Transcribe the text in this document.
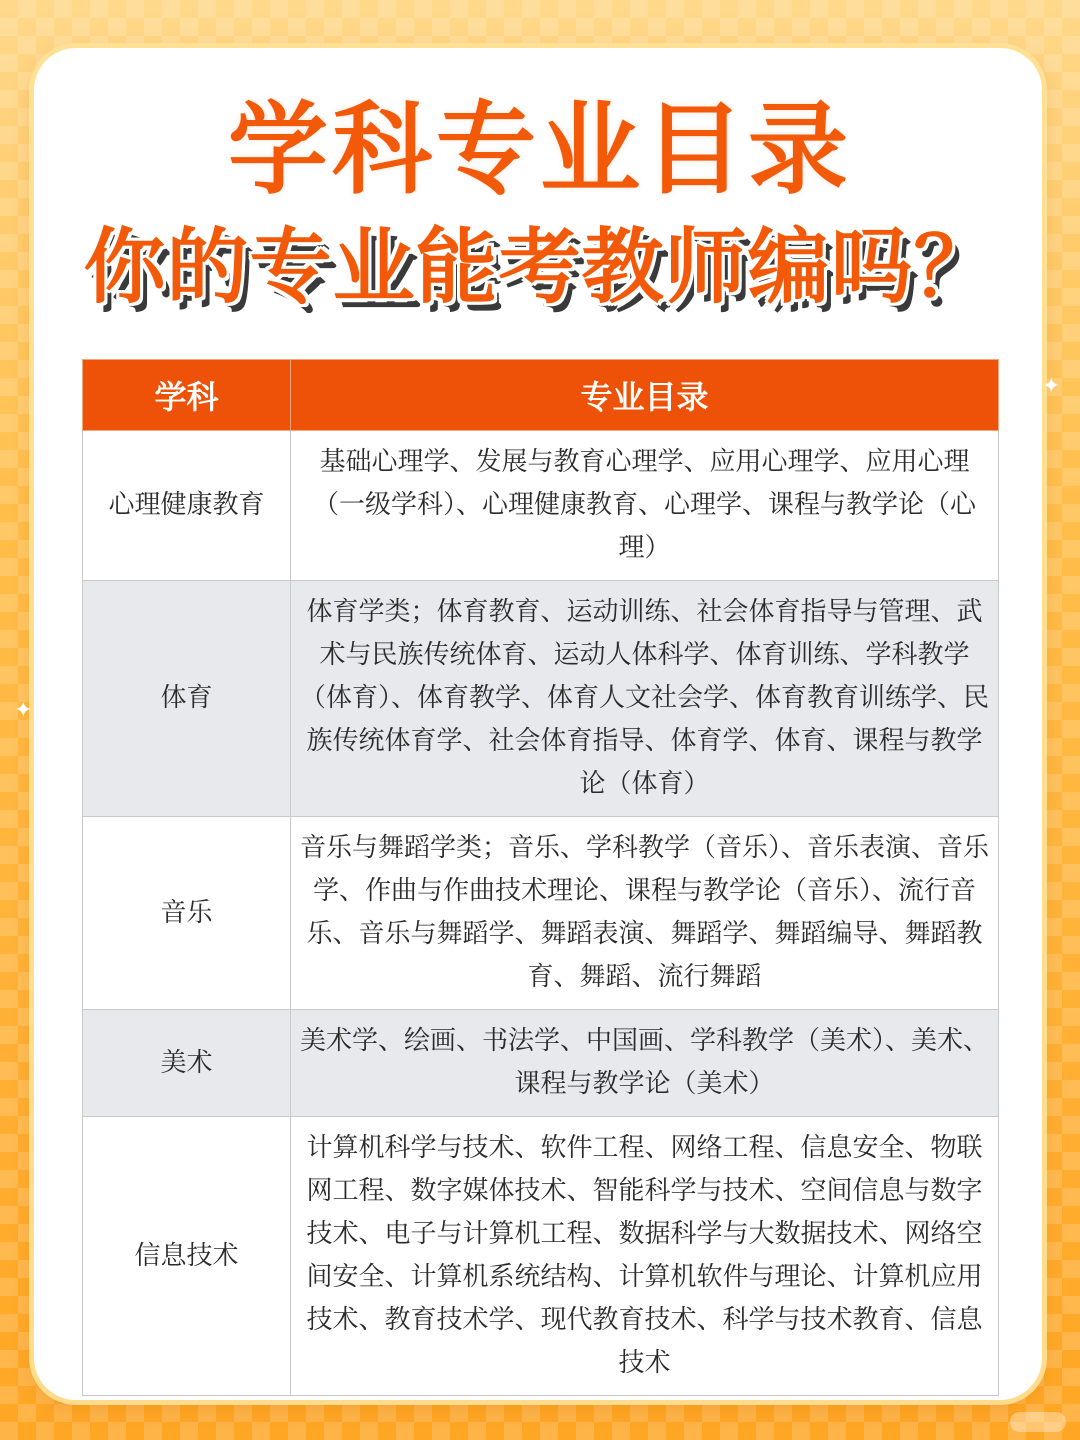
学科专业目录
你的专业能考教师编吗？
✦
✦
学科	专业目录
心理健康教育	基础心理学、发展与教育心理学、应用心理学、应用心理（一级学科）、心理健康教育、心理学、课程与教学论（心理）
体育	体育学类；体育教育、运动训练、社会体育指导与管理、武术与民族传统体育、运动人体科学、体育训练、学科教学（体育）、体育教学、体育人文社会学、体育教育训练学、民族传统体育学、社会体育指导、体育学、体育、课程与教学论（体育）
音乐	音乐与舞蹈学类；音乐、学科教学（音乐）、音乐表演、音乐学、作曲与作曲技术理论、课程与教学论（音乐）、流行音乐、音乐与舞蹈学、舞蹈表演、舞蹈学、舞蹈编导、舞蹈教育、舞蹈、流行舞蹈
美术	美术学、绘画、书法学、中国画、学科教学（美术）、美术、课程与教学论（美术）
信息技术	计算机科学与技术、软件工程、网络工程、信息安全、物联网工程、数字媒体技术、智能科学与技术、空间信息与数字技术、电子与计算机工程、数据科学与大数据技术、网络空间安全、计算机系统结构、计算机软件与理论、计算机应用技术、教育技术学、现代教育技术、科学与技术教育、信息技术
